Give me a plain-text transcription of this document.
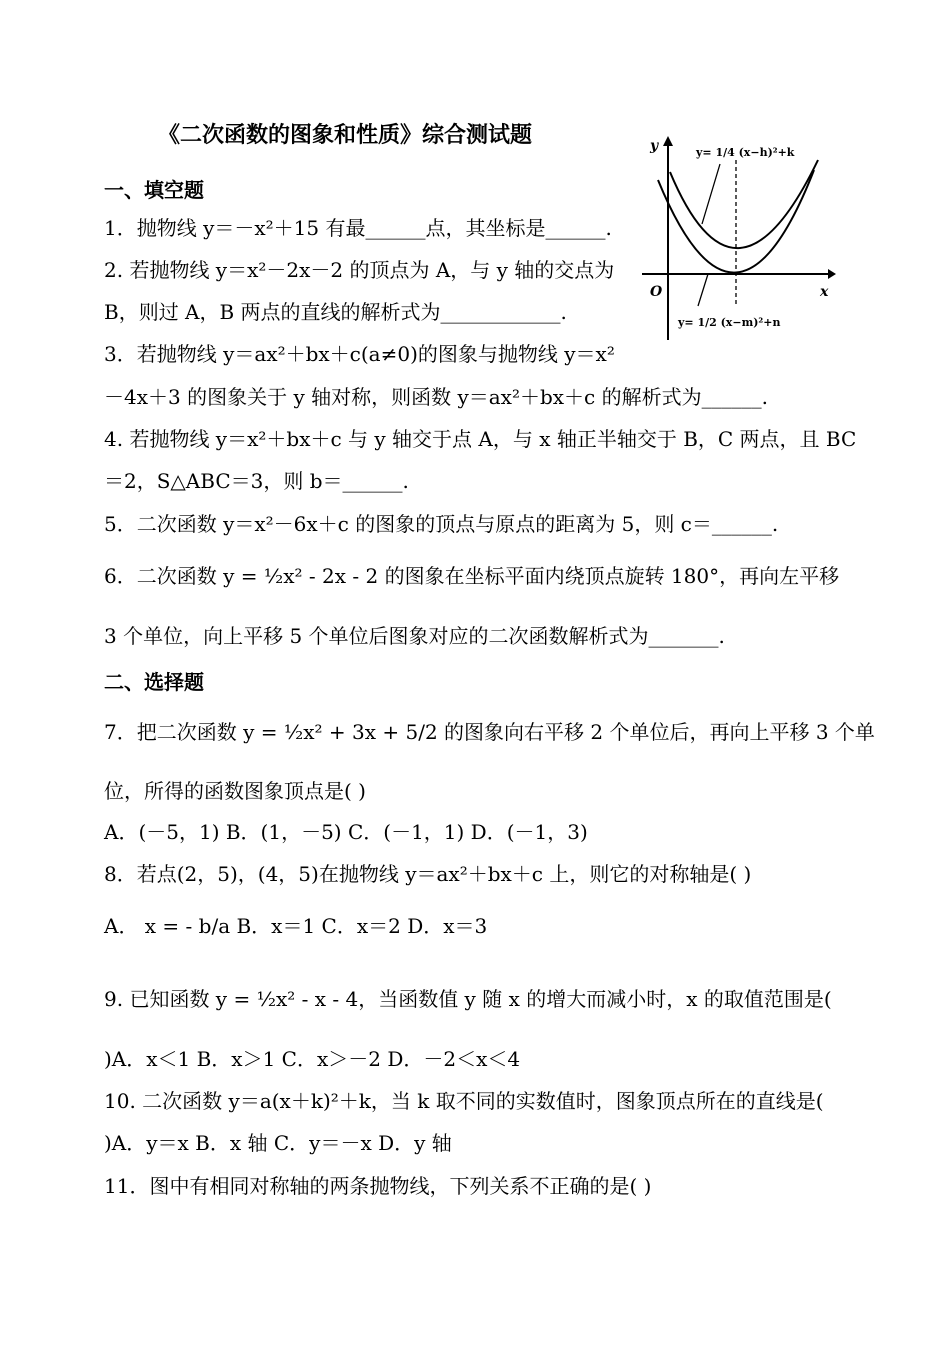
《二次函数的图象和性质》综合测试题
一、填空题
1．抛物线 y＝－x²＋15 有最______点，其坐标是______.
2. 若抛物线 y＝x²－2x－2 的顶点为 A，与 y 轴的交点为
B，则过 A，B 两点的直线的解析式为____________.
3．若抛物线 y＝ax²＋bx＋c(a≠0)的图象与抛物线 y＝x²
－4x＋3 的图象关于 y 轴对称，则函数 y＝ax²＋bx＋c 的解析式为______.
4. 若抛物线 y＝x²＋bx＋c 与 y 轴交于点 A，与 x 轴正半轴交于 B，C 两点，且 BC
＝2，S△ABC＝3，则 b＝______.
5．二次函数 y＝x²－6x＋c 的图象的顶点与原点的距离为 5，则 c＝______.
6．二次函数 y = ½x² - 2x - 2 的图象在坐标平面内绕顶点旋转 180°，再向左平移
3 个单位，向上平移 5 个单位后图象对应的二次函数解析式为_______.
二、选择题
7．把二次函数 y = ½x² + 3x + 5/2 的图象向右平移 2 个单位后，再向上平移 3 个单
位，所得的函数图象顶点是( )
A．(－5，1) B．(1，－5) C．(－1，1) D．(－1，3)
8．若点(2，5)，(4，5)在抛物线 y＝ax²＋bx＋c 上，则它的对称轴是( )
A． x = - b/a B．x＝1 C．x＝2 D．x＝3
9. 已知函数 y = ½x² - x - 4，当函数值 y 随 x 的增大而减小时，x 的取值范围是(
)A．x＜1 B．x＞1 C．x＞－2 D．－2＜x＜4
10. 二次函数 y＝a(x＋k)²＋k，当 k 取不同的实数值时，图象顶点所在的直线是(
)A．y＝x B．x 轴 C．y＝－x D．y 轴
11．图中有相同对称轴的两条抛物线，下列关系不正确的是( )
y
x
O
y= 1/4 (x−h)²+k
y= 1/2 (x−m)²+n
